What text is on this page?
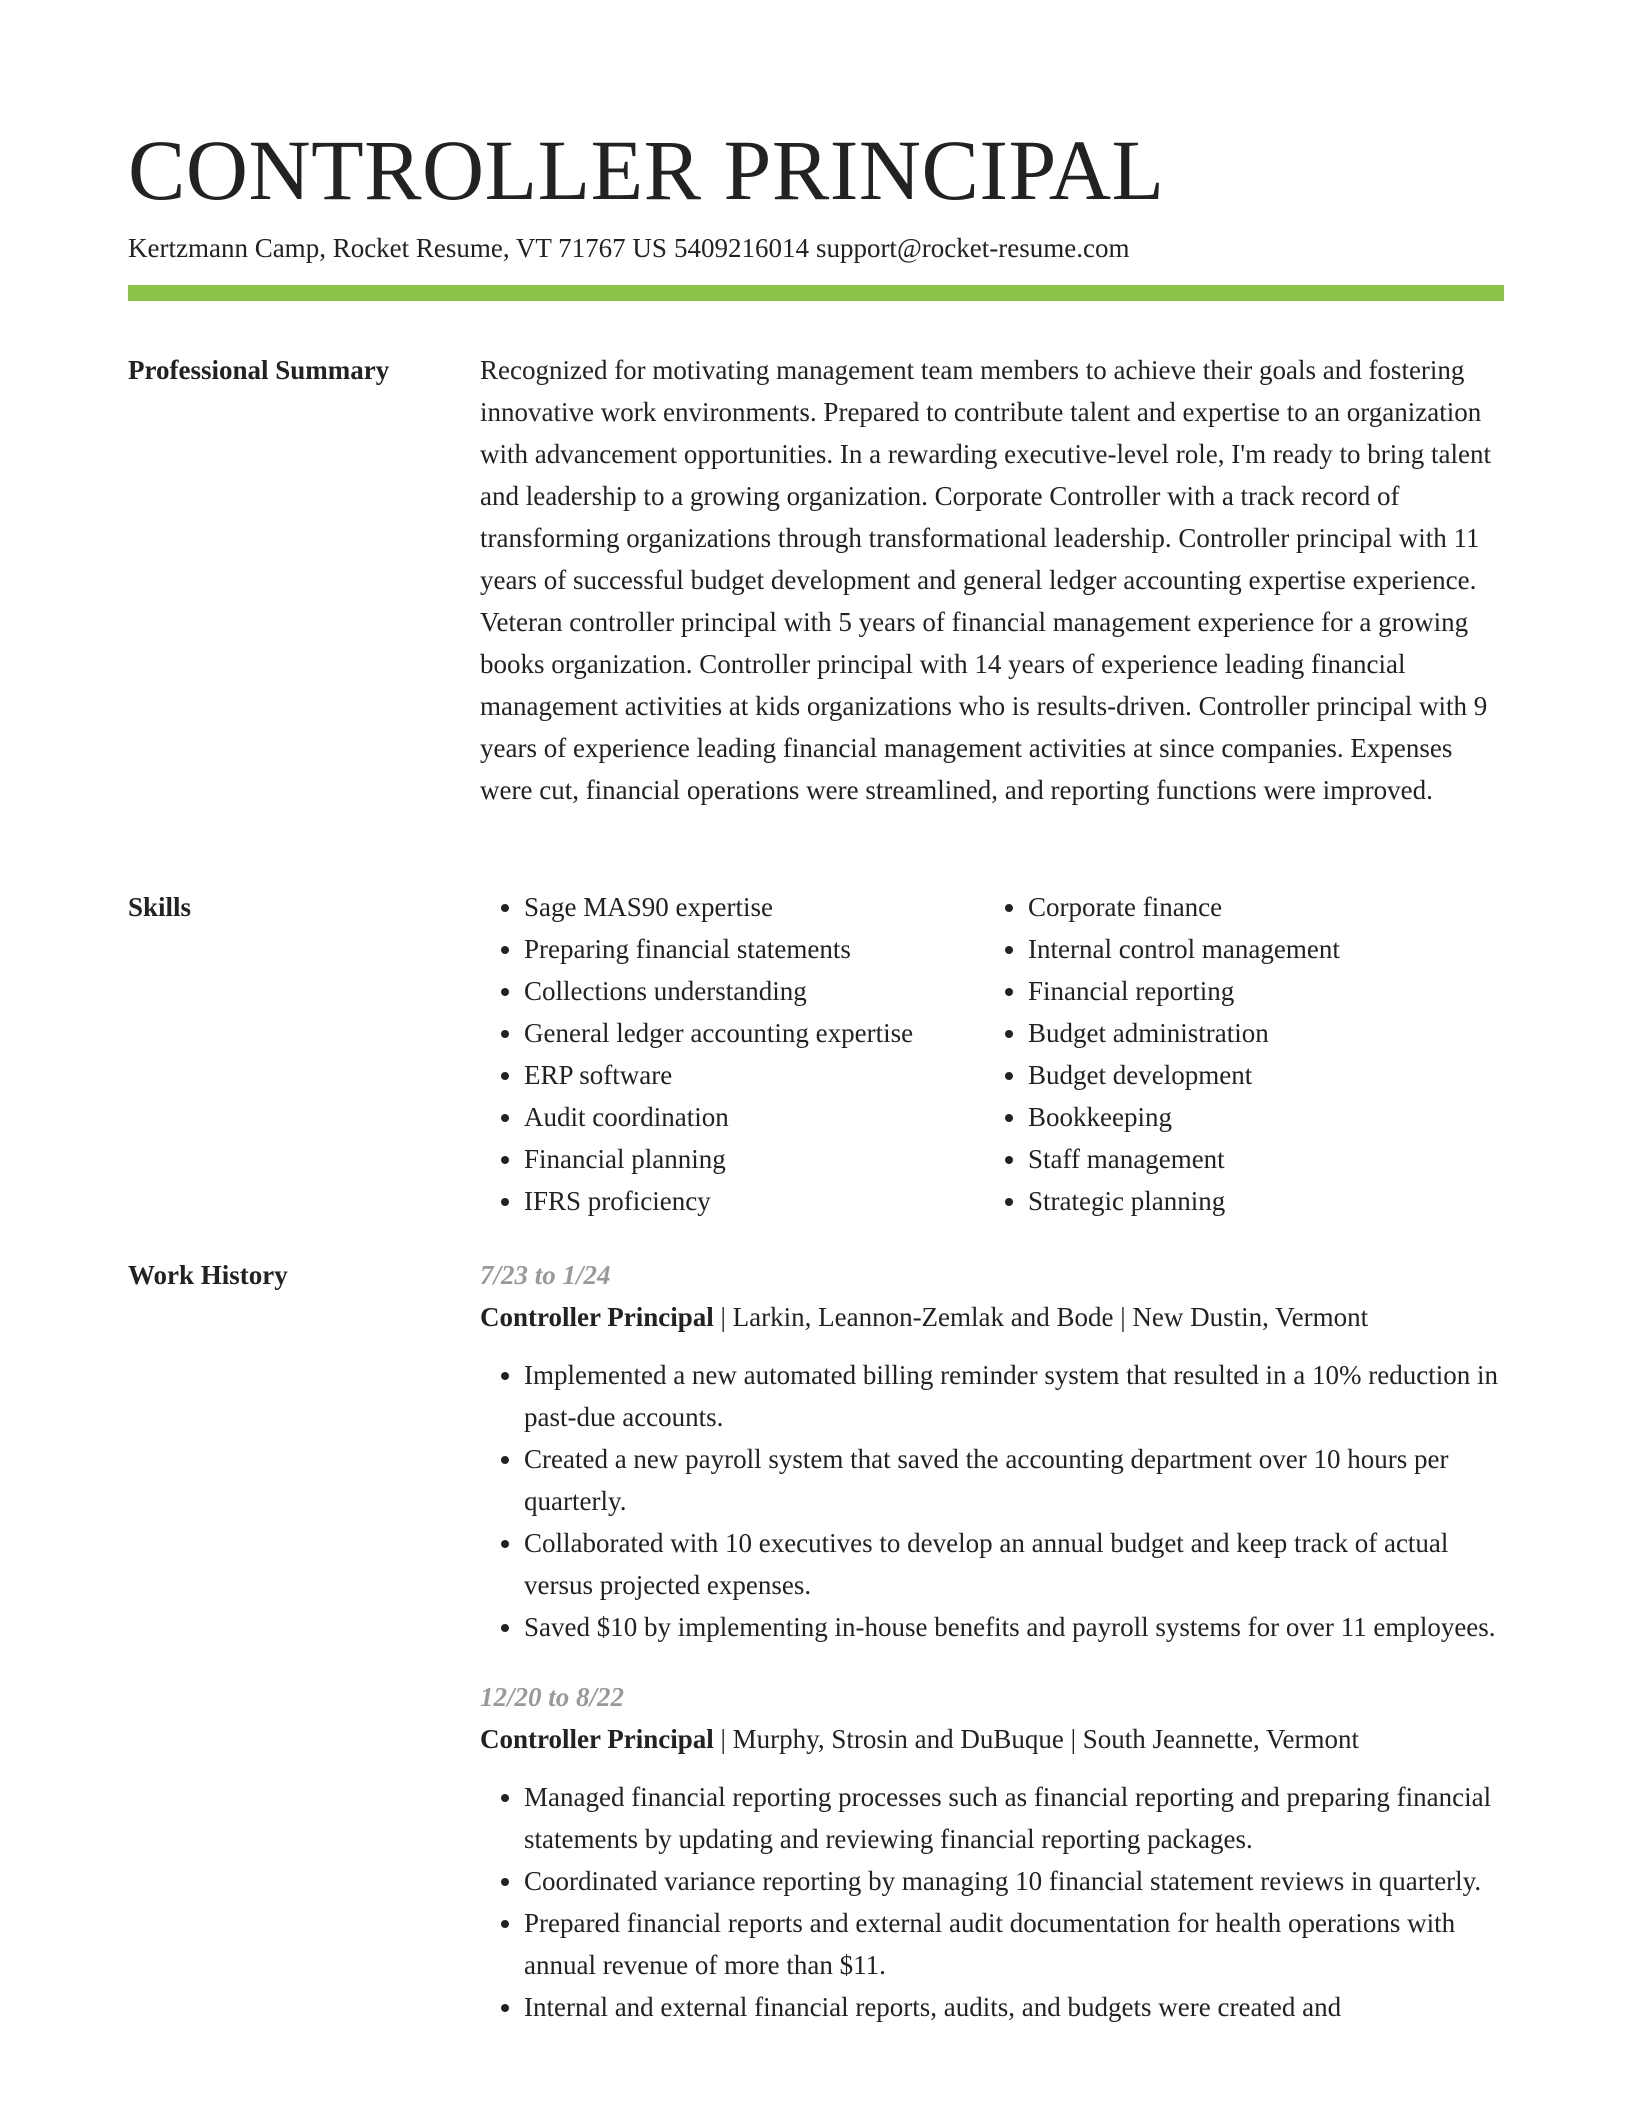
CONTROLLER PRINCIPAL
Kertzmann Camp, Rocket Resume, VT 71767 US 5409216014 support@rocket-resume.com
Professional Summary	Recognized for motivating management team members to achieve their goals and fostering innovative work environments. Prepared to contribute talent and expertise to an organization with advancement opportunities. In a rewarding executive-level role, I'm ready to bring talent and leadership to a growing organization. Corporate Controller with a track record of transforming organizations through transformational leadership. Controller principal with 11 years of successful budget development and general ledger accounting expertise experience. Veteran controller principal with 5 years of financial management experience for a growing books organization. Controller principal with 14 years of experience leading financial management activities at kids organizations who is results-driven. Controller principal with 9 years of experience leading financial management activities at since companies. Expenses were cut, financial operations were streamlined, and reporting functions were improved.

Skills
•	Sage MAS90 expertise
• Preparing financial statements
• Collections understanding
• General ledger accounting expertise
• ERP software
• Audit coordination
• Financial planning
• IFRS proficiency
• Corporate finance
• Internal control management
• Financial reporting
• Budget administration
• Budget development
• Bookkeeping
• Staff management
• Strategic planning
Work History	7/23 to 1/24
Controller Principal | Larkin, Leannon-Zemlak and Bode | New Dustin, Vermont
• Implemented a new automated billing reminder system that resulted in a 10% reduction in past-due accounts.
• Created a new payroll system that saved the accounting department over 10 hours per quarterly.
• Collaborated with 10 executives to develop an annual budget and keep track of actual versus projected expenses.
• Saved $10 by implementing in-house benefits and payroll systems for over 11 employees.
12/20 to 8/22
Controller Principal | Murphy, Strosin and DuBuque | South Jeannette, Vermont
• Managed financial reporting processes such as financial reporting and preparing financial statements by updating and reviewing financial reporting packages.
• Coordinated variance reporting by managing 10 financial statement reviews in quarterly.
• Prepared financial reports and external audit documentation for health operations with annual revenue of more than $11.
• Internal and external financial reports, audits, and budgets were created and
